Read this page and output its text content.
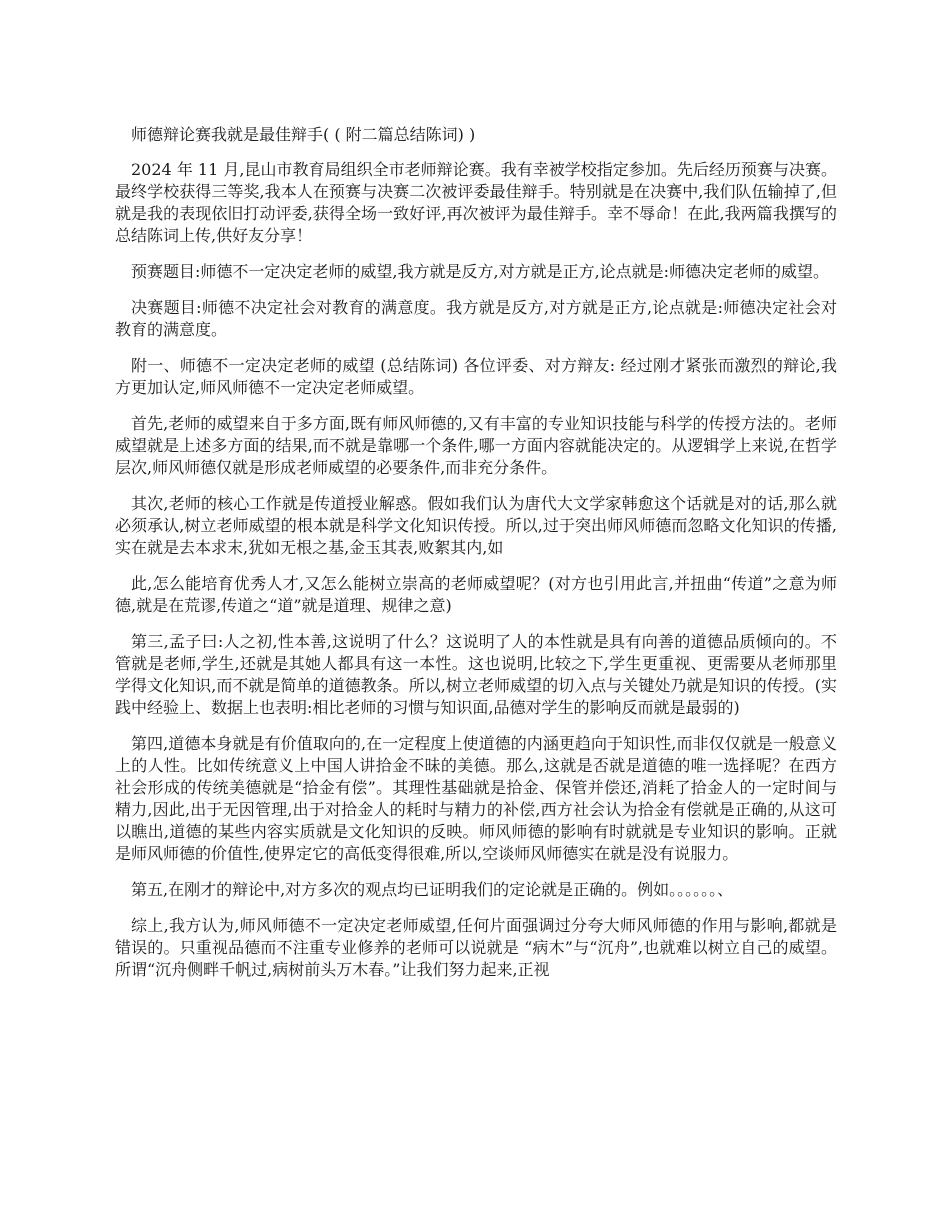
师德辩论赛我就是最佳辩手( ( 附二篇总结陈词) )

2024 年 11 月,昆山市教育局组织全市老师辩论赛。我有幸被学校指定参加。先后经历预赛与决赛。最终学校获得三等奖,我本人在预赛与决赛二次被评委最佳辩手。特别就是在决赛中,我们队伍输掉了,但就是我的表现依旧打动评委,获得全场一致好评,再次被评为最佳辩手。幸不辱命！在此,我两篇我撰写的总结陈词上传,供好友分享！

预赛题目:师德不一定决定老师的威望,我方就是反方,对方就是正方,论点就是:师德决定老师的威望。

决赛题目:师德不决定社会对教育的满意度。我方就是反方,对方就是正方,论点就是:师德决定社会对教育的满意度。

附一、师德不一定决定老师的威望 (总结陈词) 各位评委、对方辩友: 经过刚才紧张而激烈的辩论,我方更加认定,师风师德不一定决定老师威望。

首先,老师的威望来自于多方面,既有师风师德的,又有丰富的专业知识技能与科学的传授方法的。老师威望就是上述多方面的结果,而不就是靠哪一个条件,哪一方面内容就能决定的。从逻辑学上来说,在哲学层次,师风师德仅就是形成老师威望的必要条件,而非充分条件。

其次,老师的核心工作就是传道授业解惑。假如我们认为唐代大文学家韩愈这个话就是对的话,那么就必须承认,树立老师威望的根本就是科学文化知识传授。所以,过于突出师风师德而忽略文化知识的传播,实在就是去本求末,犹如无根之基,金玉其表,败絮其内,如

此,怎么能培育优秀人才,又怎么能树立崇高的老师威望呢？(对方也引用此言,并扭曲“传道”之意为师德,就是在荒谬,传道之“道”就是道理、规律之意)

第三,孟子曰:人之初,性本善,这说明了什么？这说明了人的本性就是具有向善的道德品质倾向的。不管就是老师,学生,还就是其她人都具有这一本性。这也说明,比较之下,学生更重视、更需要从老师那里学得文化知识,而不就是简单的道德教条。所以,树立老师威望的切入点与关键处乃就是知识的传授。(实践中经验上、数据上也表明:相比老师的习惯与知识面,品德对学生的影响反而就是最弱的)

第四,道德本身就是有价值取向的,在一定程度上使道德的内涵更趋向于知识性,而非仅仅就是一般意义上的人性。比如传统意义上中国人讲拾金不昧的美德。那么,这就是否就是道德的唯一选择呢？在西方社会形成的传统美德就是“拾金有偿”。其理性基础就是拾金、保管并偿还,消耗了拾金人的一定时间与精力,因此,出于无因管理,出于对拾金人的耗时与精力的补偿,西方社会认为拾金有偿就是正确的,从这可以瞧出,道德的某些内容实质就是文化知识的反映。师风师德的影响有时就就是专业知识的影响。正就是师风师德的价值性,使界定它的高低变得很难,所以,空谈师风师德实在就是没有说服力。

第五,在刚才的辩论中,对方多次的观点均已证明我们的定论就是正确的。例如。。。。。。、

综上,我方认为,师风师德不一定决定老师威望,任何片面强调过分夸大师风师德的作用与影响,都就是错误的。只重视品德而不注重专业修养的老师可以说就是 “病木”与“沉舟”,也就难以树立自己的威望。所谓“沉舟侧畔千帆过,病树前头万木春。”让我们努力起来,正视
